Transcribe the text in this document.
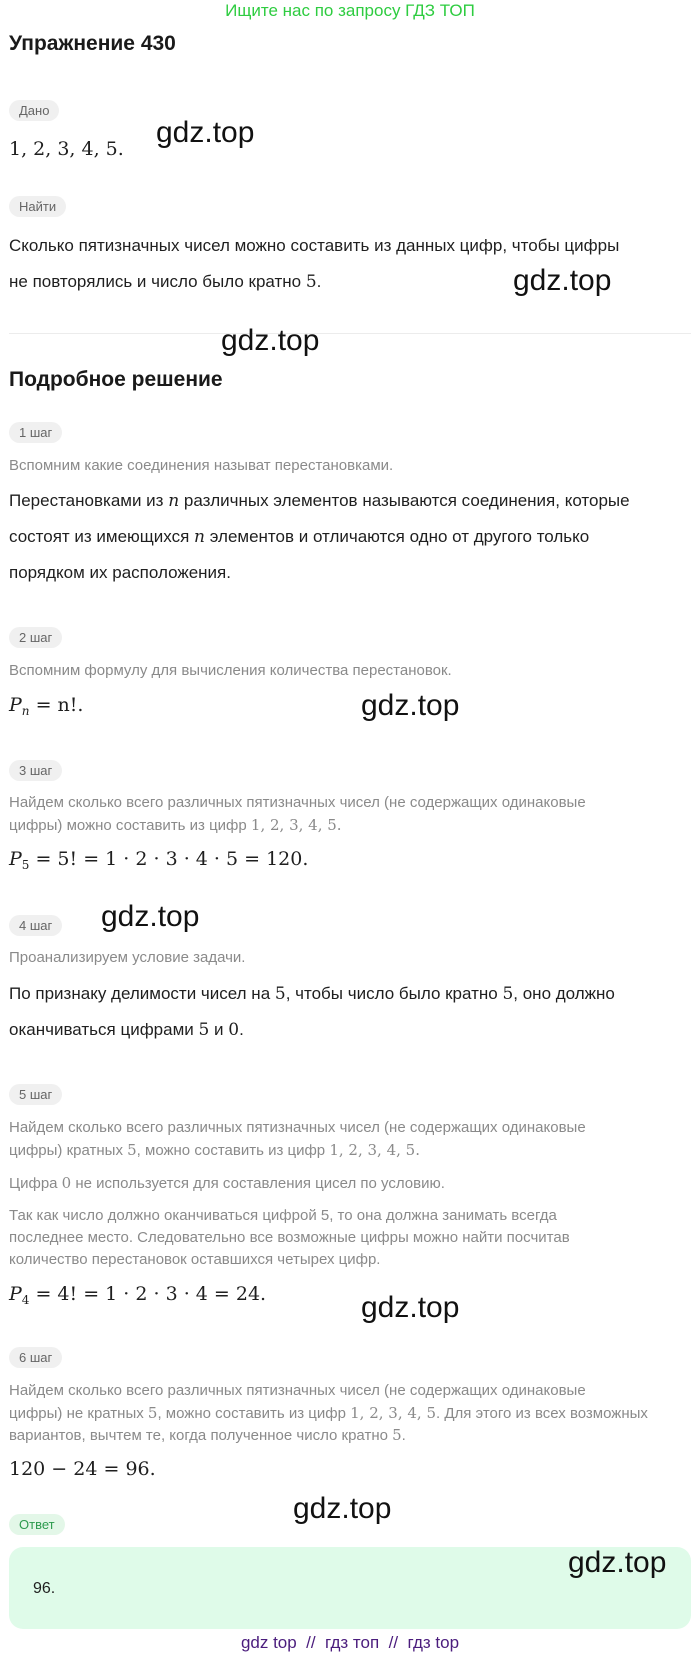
Ищите нас по запросу ГДЗ ТОП
Упражнение 430
Дано
1, 2, 3, 4, 5.
Найти
Сколько пятизначных чисел можно составить из данных цифр, чтобы цифры
не повторялись и число было кратно 5.
Подробное решение
1 шаг
Вспомним какие соединения называт перестановками.
Перестановками из n различных элементов называются соединения, которые
состоят из имеющихся n элементов и отличаются одно от другого только
порядком их расположения.
2 шаг
Вспомним формулу для вычисления количества перестановок.
$P_n = n$!.
3 шаг
Найдем сколько всего различных пятизначных чисел (не содержащих одинаковые
цифры) можно составить из цифр 1, 2, 3, 4, 5.
$P_5 = 5$! = 1 · 2 · 3 · 4 · 5 = 120.
4 шаг
Проанализируем условие задачи.
По признаку делимости чисел на 5, чтобы число было кратно 5, оно должно
оканчиваться цифрами 5 и 0.
5 шаг
Найдем сколько всего различных пятизначных чисел (не содержащих одинаковые
цифры) кратных 5, можно составить из цифр 1, 2, 3, 4, 5.
Цифра 0 не используется для составления цисел по условию.
Так как число должно оканчиваться цифрой 5, то она должна занимать всегда
последнее место. Следовательно все возможные цифры можно найти посчитав
количество перестановок оставшихся четырех цифр.
$P_4 = 4$! = 1 · 2 · 3 · 4 = 24.
6 шаг
Найдем сколько всего различных пятизначных чисел (не содержащих одинаковые
цифры) не кратных 5, можно составить из цифр 1, 2, 3, 4, 5. Для этого из всех возможных
вариантов, вычтем те, когда полученное число кратно 5.
120 − 24 = 96.
Ответ
96.
gdz.top
gdz.top
gdz.top
gdz.top
gdz.top
gdz.top
gdz.top
gdz.top
gdz top  //  гдз топ  //  гдз top
